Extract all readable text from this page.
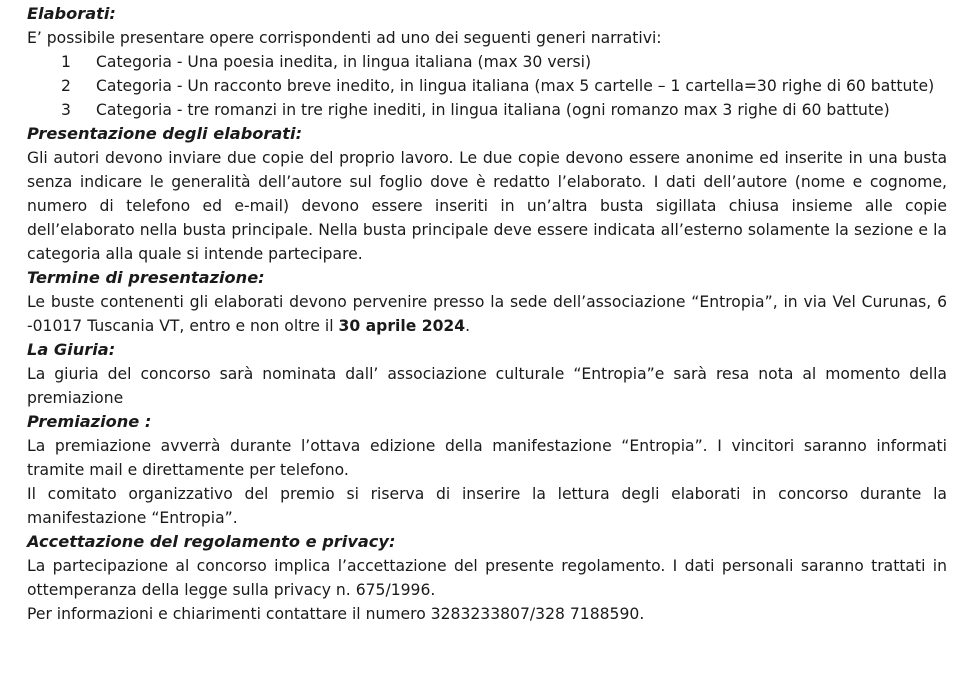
Elaborati:

E’ possibile presentare opere corrispondenti ad uno dei seguenti generi narrativi:

1	Categoria - Una poesia inedita, in lingua italiana (max 30 versi)
2	Categoria - Un racconto breve inedito, in lingua italiana (max 5 cartelle – 1 cartella=30 righe di 60 battute)
3	Categoria - tre romanzi in tre righe inediti, in lingua italiana (ogni romanzo max 3 righe di 60 battute)

Presentazione degli elaborati:

Gli autori devono inviare due copie del proprio lavoro. Le due copie devono essere anonime ed inserite in una busta senza indicare le generalità dell’autore sul foglio dove è redatto l’elaborato. I dati dell’autore (nome e cognome, numero di telefono ed e-mail) devono essere inseriti in un’altra busta sigillata chiusa insieme alle copie dell’elaborato nella busta principale. Nella busta principale deve essere indicata all’esterno solamente la sezione e la categoria alla quale si intende partecipare.

Termine di presentazione:

Le buste contenenti gli elaborati devono pervenire presso la sede dell’associazione “Entropia”, in via Vel Curunas, 6 -01017 Tuscania VT, entro e non oltre il 30 aprile 2024.

La Giuria:

La giuria del concorso sarà nominata dall’ associazione culturale “Entropia”e sarà resa nota al momento della premiazione

Premiazione :

La premiazione avverrà durante l’ottava edizione della manifestazione “Entropia”. I vincitori saranno informati tramite mail e direttamente per telefono.

Il comitato organizzativo del premio si riserva di inserire la lettura degli elaborati in concorso durante la manifestazione “Entropia”.

Accettazione del regolamento e privacy:

La partecipazione al concorso implica l’accettazione del presente regolamento. I dati personali saranno trattati in ottemperanza della legge sulla privacy n. 675/1996.

Per informazioni e chiarimenti contattare il numero 3283233807/328 7188590.
